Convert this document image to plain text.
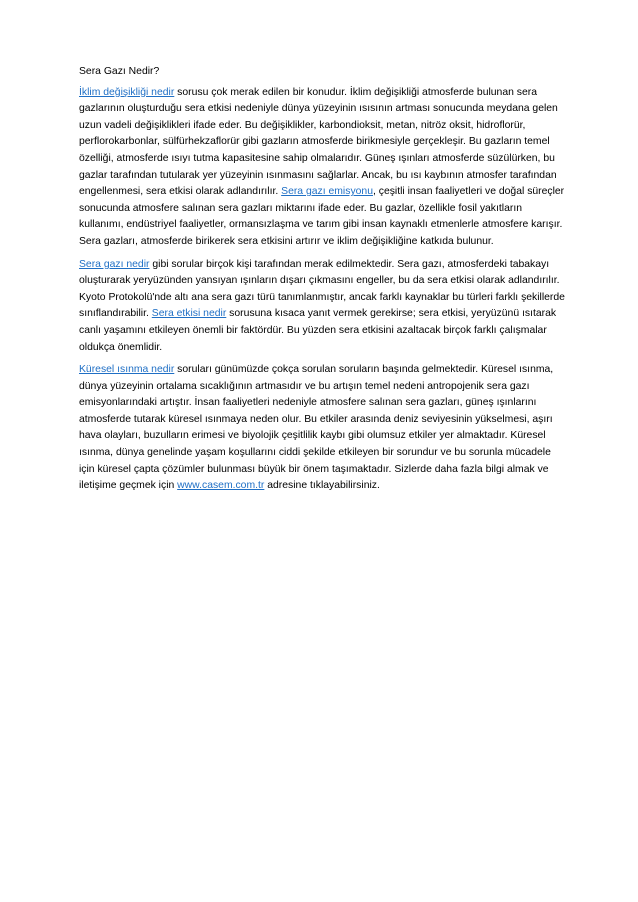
Sera Gazı Nedir?

İklim değişikliği nedir sorusu çok merak edilen bir konudur. İklim değişikliği atmosferde bulunan sera gazlarının oluşturduğu sera etkisi nedeniyle dünya yüzeyinin ısısının artması sonucunda meydana gelen uzun vadeli değişiklikleri ifade eder. Bu değişiklikler, karbondioksit, metan, nitröz oksit, hidroflorür, perflorokarbonlar, sülfürhekzaflorür gibi gazların atmosferde birikmesiyle gerçekleşir. Bu gazların temel özelliği, atmosferde ısıyı tutma kapasitesine sahip olmalarıdır. Güneş ışınları atmosferde süzülürken, bu gazlar tarafından tutularak yer yüzeyinin ısınmasını sağlarlar. Ancak, bu ısı kaybının atmosfer tarafından engellenmesi, sera etkisi olarak adlandırılır. Sera gazı emisyonu, çeşitli insan faaliyetleri ve doğal süreçler sonucunda atmosfere salınan sera gazları miktarını ifade eder. Bu gazlar, özellikle fosil yakıtların kullanımı, endüstriyel faaliyetler, ormansızlaşma ve tarım gibi insan kaynaklı etmenlerle atmosfere karışır. Sera gazları, atmosferde birikerek sera etkisini artırır ve iklim değişikliğine katkıda bulunur.

Sera gazı nedir gibi sorular birçok kişi tarafından merak edilmektedir. Sera gazı, atmosferdeki tabakayı oluşturarak yeryüzünden yansıyan ışınların dışarı çıkmasını engeller, bu da sera etkisi olarak adlandırılır. Kyoto Protokolü'nde altı ana sera gazı türü tanımlanmıştır, ancak farklı kaynaklar bu türleri farklı şekillerde sınıflandırabilir. Sera etkisi nedir sorusuna kısaca yanıt vermek gerekirse; sera etkisi, yeryüzünü ısıtarak canlı yaşamını etkileyen önemli bir faktördür. Bu yüzden sera etkisini azaltacak birçok farklı çalışmalar oldukça önemlidir.

Küresel ısınma nedir soruları günümüzde çokça sorulan soruların başında gelmektedir. Küresel ısınma, dünya yüzeyinin ortalama sıcaklığının artmasıdır ve bu artışın temel nedeni antropojenik sera gazı emisyonlarındaki artıştır. İnsan faaliyetleri nedeniyle atmosfere salınan sera gazları, güneş ışınlarını atmosferde tutarak küresel ısınmaya neden olur. Bu etkiler arasında deniz seviyesinin yükselmesi, aşırı hava olayları, buzulların erimesi ve biyolojik çeşitlilik kaybı gibi olumsuz etkiler yer almaktadır. Küresel ısınma, dünya genelinde yaşam koşullarını ciddi şekilde etkileyen bir sorundur ve bu sorunla mücadele için küresel çapta çözümler bulunması büyük bir önem taşımaktadır. Sizlerde daha fazla bilgi almak ve iletişime geçmek için www.casem.com.tr adresine tıklayabilirsiniz.
